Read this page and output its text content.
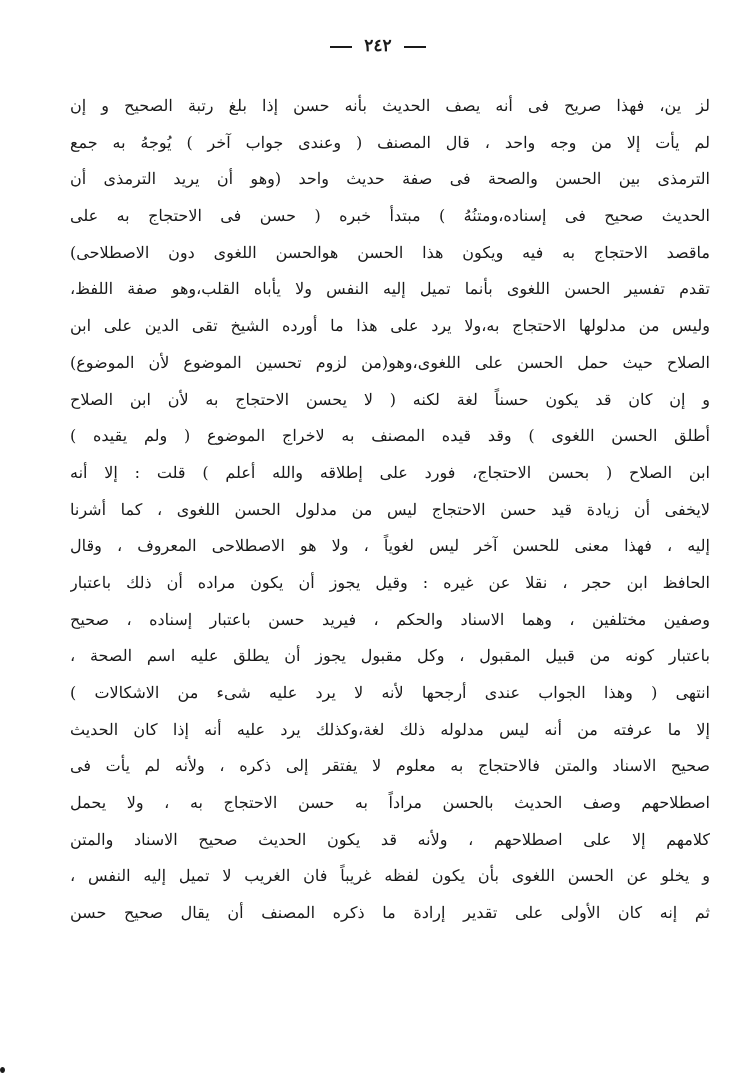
٢٤٢
لز ين، فهذا صريح فى أنه يصف الحديث بأنه حسن إذا بلغ رتبة الصحيح و إن
لم يأت إلا من وجه واحد ، قال المصنف ( وعندى جواب آخر ) يُوجهُ به جمع
الترمذى بين الحسن والصحة فى صفة حديث واحد (وهو أن يريد الترمذى أن
الحديث صحيح فى إسناده،ومتنُهُ ) مبتدأ خبره ( حسن فى الاحتجاج به على
ماقصد الاحتجاج به فيه ويكون هذا الحسن هوالحسن اللغوى دون الاصطلاحى)
تقدم تفسير الحسن اللغوى بأنما تميل إليه النفس ولا يأباه القلب،وهو صفة اللفظ،
وليس من مدلولها الاحتجاج به،ولا يرد على هذا ما أورده الشيخ تقى الدين على ابن
الصلاح حيث حمل الحسن على اللغوى،وهو(من لزوم تحسين الموضوع لأن الموضوع)
و إن كان قد يكون حسناً لغة لكنه ( لا يحسن الاحتجاج به لأن ابن الصلاح
أطلق الحسن اللغوى ) وقد قيده المصنف به لاخراج الموضوع ( ولم يقيده )
ابن الصلاح ( بحسن الاحتجاج، فورد على إطلاقه والله أعلم ) قلت : إلا أنه
لايخفى أن زيادة قيد حسن الاحتجاج ليس من مدلول الحسن اللغوى ، كما أشرنا
إليه ، فهذا معنى للحسن آخر ليس لغوياً ، ولا هو الاصطلاحى المعروف ، وقال
الحافظ ابن حجر ، نقلا عن غيره : وقيل يجوز أن يكون مراده أن ذلك باعتبار
وصفين مختلفين ، وهما الاسناد والحكم ، فيريد حسن باعتبار إسناده ، صحيح
باعتبار كونه من قبيل المقبول ، وكل مقبول يجوز أن يطلق عليه اسم الصحة ،
انتهى ( وهذا الجواب عندى أرجحها لأنه لا يرد عليه شىء من الاشكالات )
إلا ما عرفته من أنه ليس مدلوله ذلك لغة،وكذلك يرد عليه أنه إذا كان الحديث
صحيح الاسناد والمتن فالاحتجاج به معلوم لا يفتقر إلى ذكره ، ولأنه لم يأت فى
اصطلاحهم وصف الحديث بالحسن مراداً به حسن الاحتجاج به ، ولا يحمل
كلامهم إلا على اصطلاحهم ، ولأنه قد يكون الحديث صحيح الاسناد والمتن
و يخلو عن الحسن اللغوى بأن يكون لفظه غريباً فان الغريب لا تميل إليه النفس ،
ثم إنه كان الأولى على تقدير إرادة ما ذكره المصنف أن يقال صحيح حسن
